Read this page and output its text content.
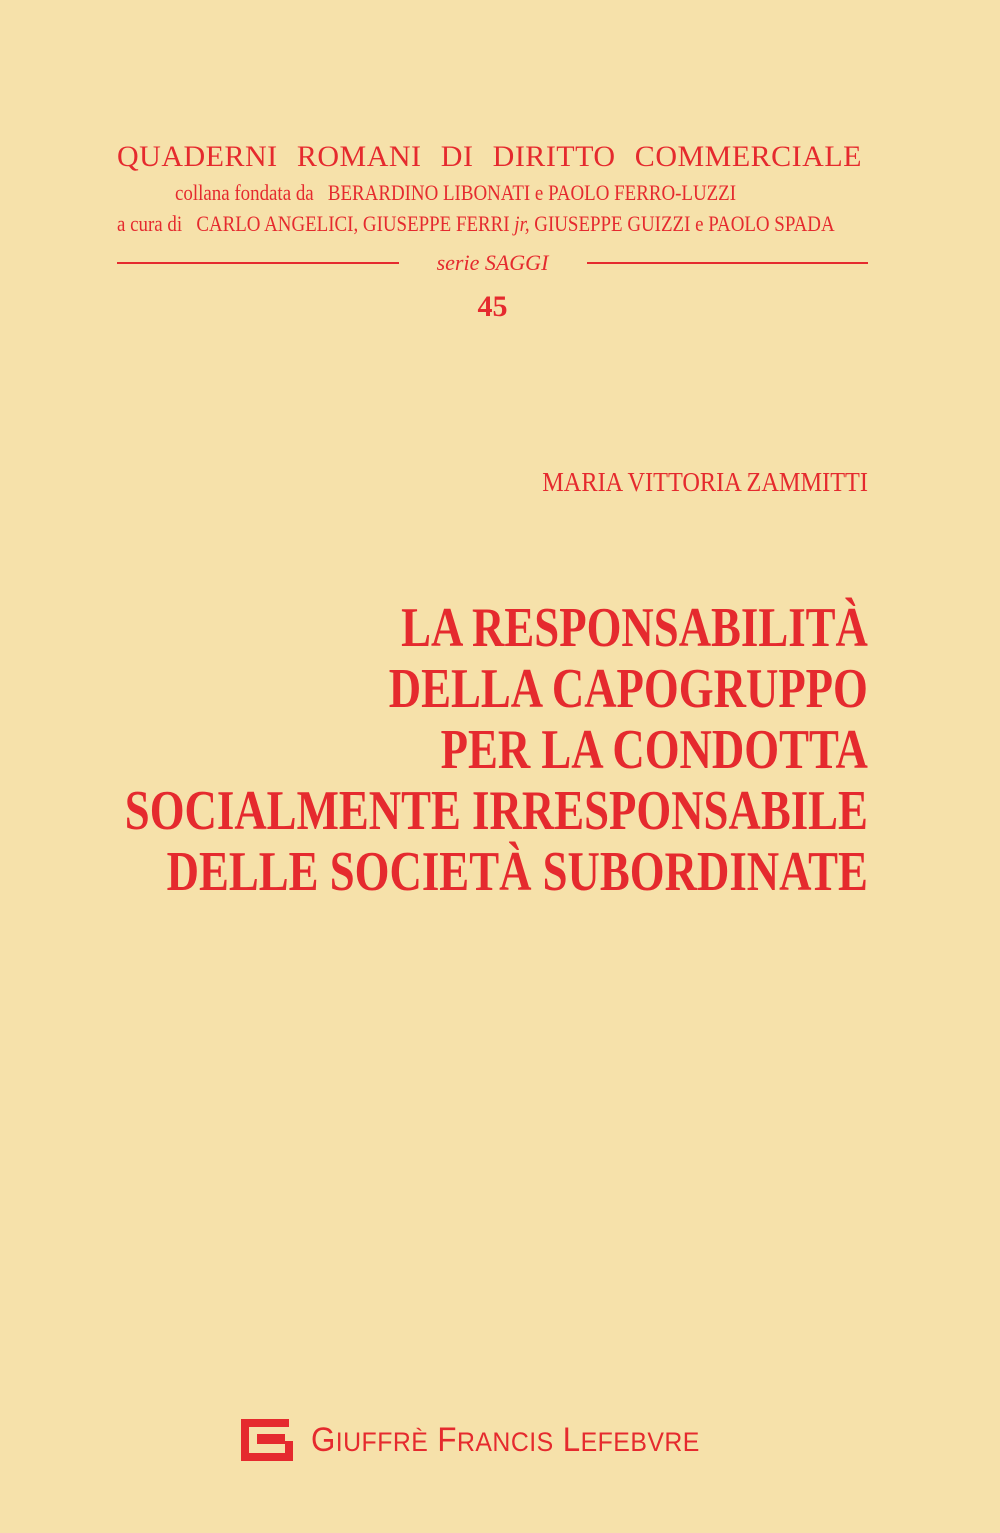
QUADERNI ROMANI DI DIRITTO COMMERCIALE
collana fondata da BERARDINO LIBONATI e PAOLO FERRO-LUZZI
a cura di CARLO ANGELICI, GIUSEPPE FERRI jr, GIUSEPPE GUIZZI e PAOLO SPADA
serie SAGGI
45
MARIA VITTORIA ZAMMITTI
LA RESPONSABILITÀ
DELLA CAPOGRUPPO
PER LA CONDOTTA
SOCIALMENTE IRRESPONSABILE
DELLE SOCIETÀ SUBORDINATE
GIUFFRÈ FRANCIS LEFEBVRE
